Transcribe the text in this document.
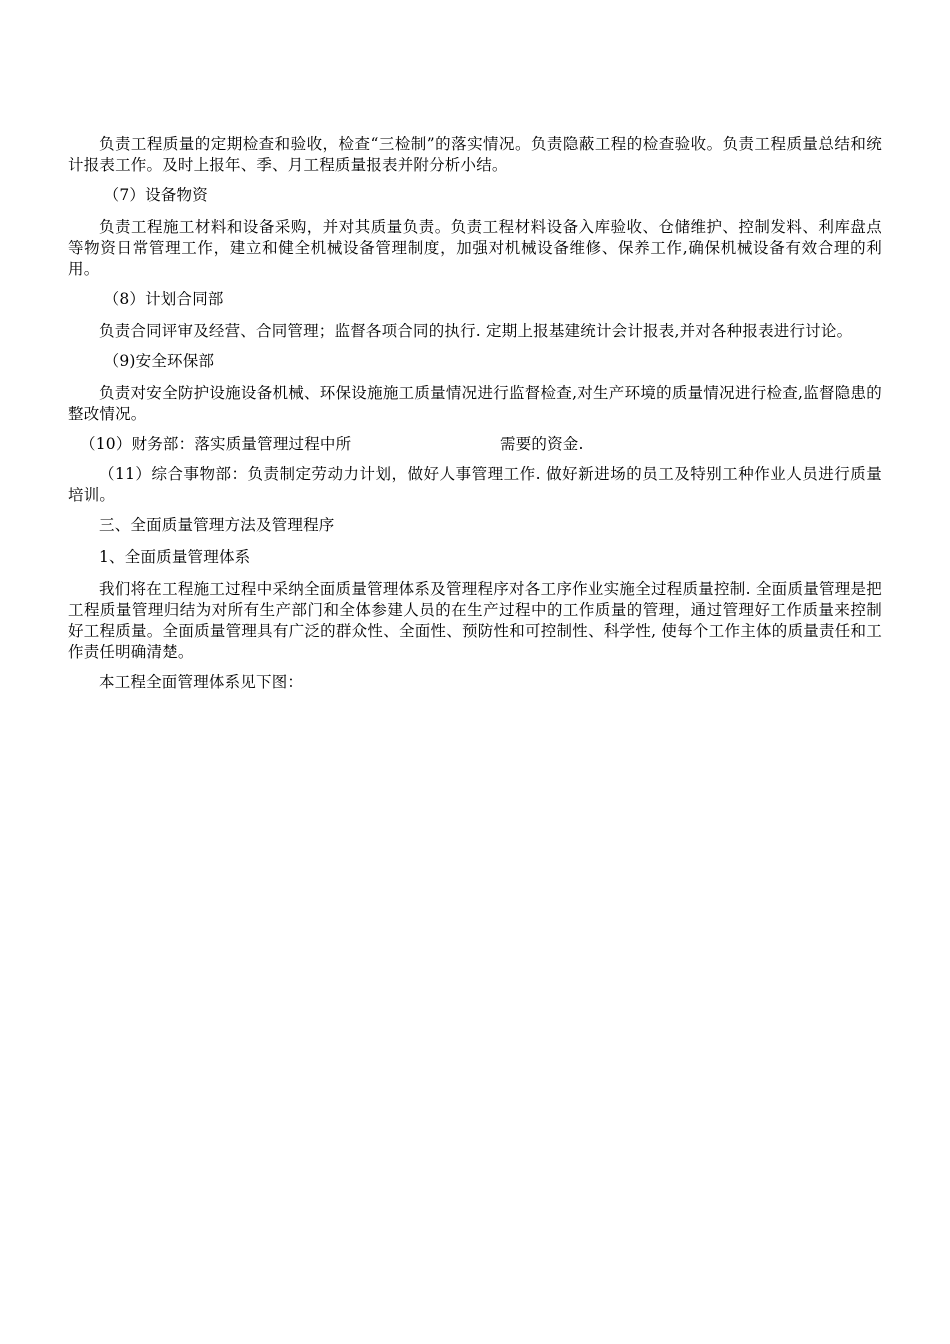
负责工程质量的定期检查和验收，检查“三检制”的落实情况。负责隐蔽工程的检查验收。负责工程质量总结和统计报表工作。及时上报年、季、月工程质量报表并附分析小结。

（7）设备物资

负责工程施工材料和设备采购，并对其质量负责。负责工程材料设备入库验收、仓储维护、控制发料、利库盘点等物资日常管理工作，建立和健全机械设备管理制度，加强对机械设备维修、保养工作,确保机械设备有效合理的利用。

（8）计划合同部

负责合同评审及经营、合同管理；监督各项合同的执行. 定期上报基建统计会计报表,并对各种报表进行讨论。

（9)安全环保部

负责对安全防护设施设备机械、环保设施施工质量情况进行监督检查,对生产环境的质量情况进行检查,监督隐患的整改情况。

（10）财务部：落实质量管理过程中所	需要的资金.

（11）综合事物部：负责制定劳动力计划，做好人事管理工作. 做好新进场的员工及特别工种作业人员进行质量培训。

三、全面质量管理方法及管理程序

1、全面质量管理体系

我们将在工程施工过程中采纳全面质量管理体系及管理程序对各工序作业实施全过程质量控制. 全面质量管理是把工程质量管理归结为对所有生产部门和全体参建人员的在生产过程中的工作质量的管理，通过管理好工作质量来控制好工程质量。全面质量管理具有广泛的群众性、全面性、预防性和可控制性、科学性, 使每个工作主体的质量责任和工作责任明确清楚。

本工程全面管理体系见下图：
